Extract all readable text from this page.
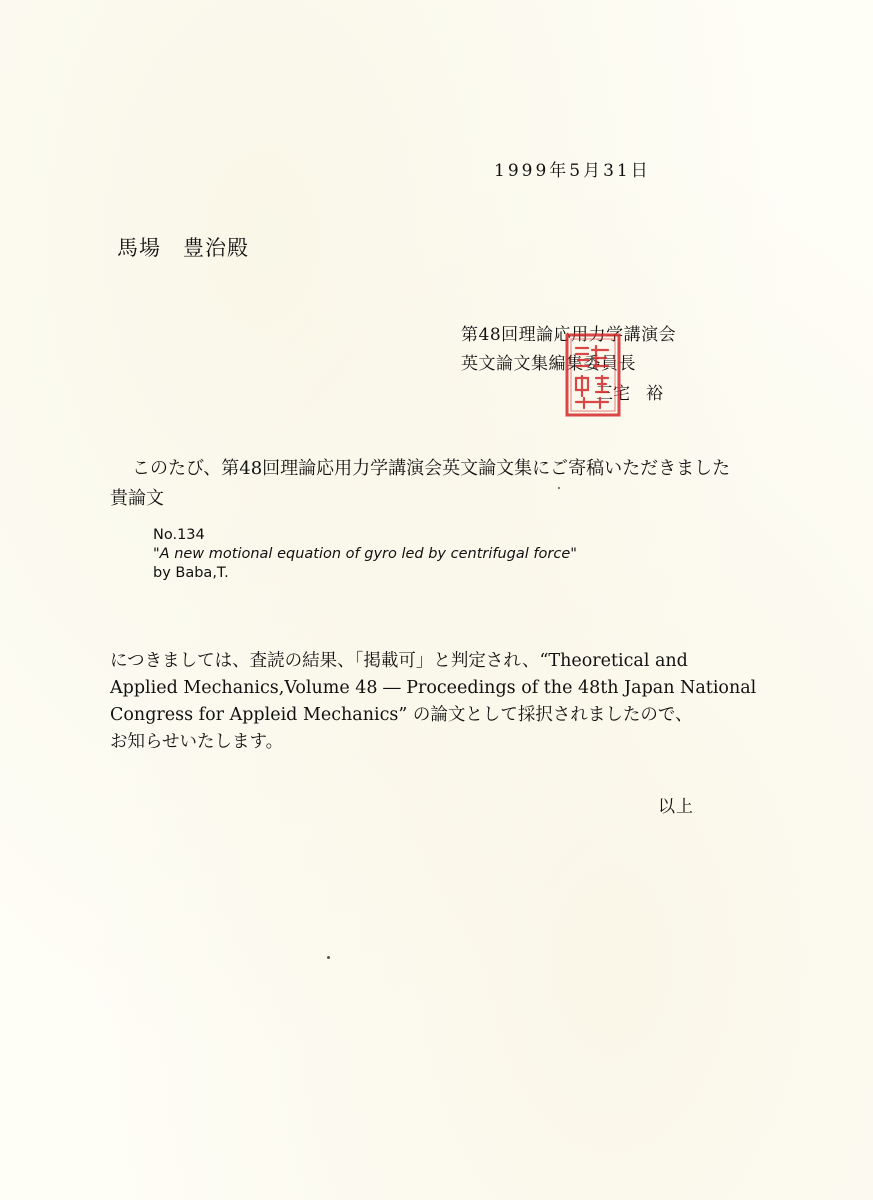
1999年5月31日
馬場 豊治殿
第48回理論応用力学講演会
英文論文集編集委員長
三宅 裕
このたび、第48回理論応用力学講演会英文論文集にご寄稿いただきました貴論文
No.134
"A new motional equation of gyro led by centrifugal force"
by Baba,T.
につきましては、査読の結果、「掲載可」と判定され、“Theoretical and
Applied Mechanics,Volume 48 ― Proceedings of the 48th Japan National
Congress for Appleid Mechanics” の論文として採択されましたので、
お知らせいたします。
以上
